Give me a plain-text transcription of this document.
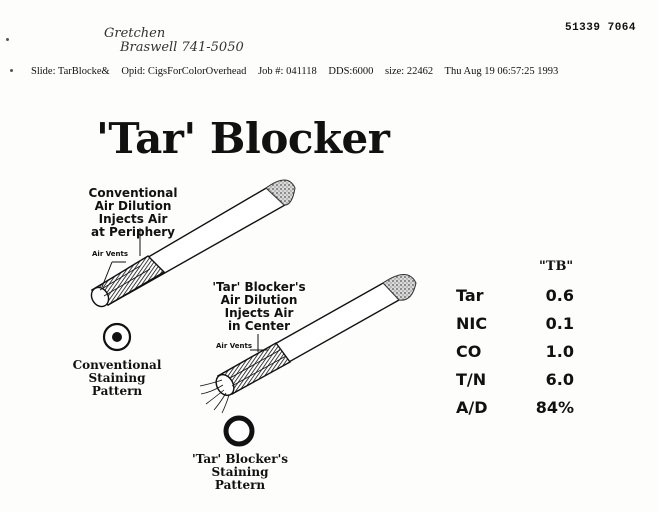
Gretchen
Braswell 741-5050
51339 7064
Slide: TarBlocke& Opid: CigsForColorOverhead Job #: 041118 DDS:6000 size: 22462 Thu Aug 19 06:57:25 1993
'Tar' Blocker
Conventional
Air Dilution
Injects Air
at Periphery
Air Vents
Conventional
Staining
Pattern
'Tar' Blocker's
Air Dilution
Injects Air
in Center
Air Vents
'Tar' Blocker's
Staining
Pattern
"TB"
Tar	0.6
NIC	0.1
CO	1.0
T/N	6.0
A/D	84%
